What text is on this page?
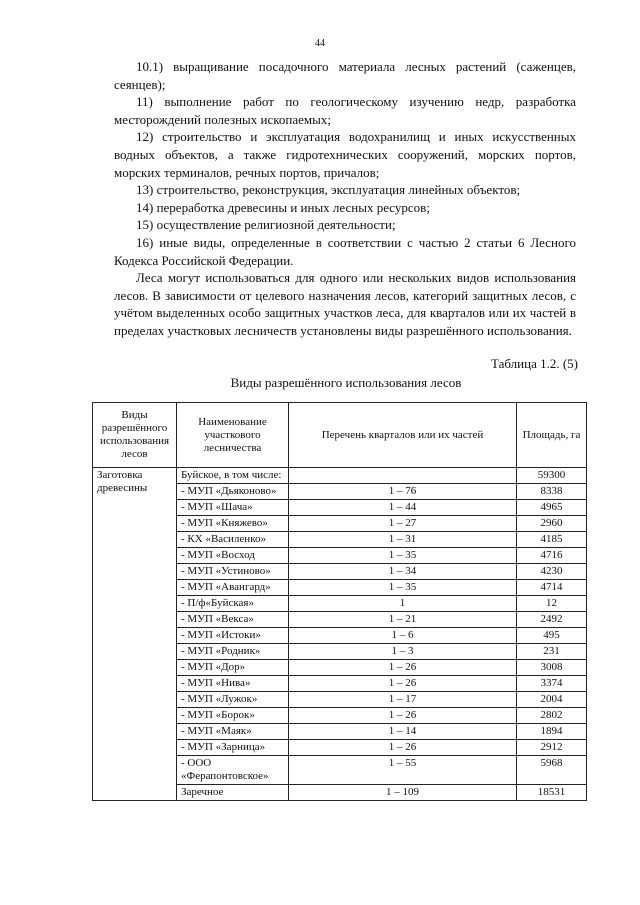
44

10.1) выращивание посадочного материала лесных растений (саженцев, сеянцев);

11) выполнение работ по геологическому изучению недр, разработка месторождений полезных ископаемых;

12) строительство и эксплуатация водохранилищ и иных искусственных водных объектов, а также гидротехнических сооружений, морских портов, морских терминалов, речных портов, причалов;

13) строительство, реконструкция, эксплуатация линейных объектов;

14) переработка древесины и иных лесных ресурсов;

15) осуществление религиозной деятельности;

16) иные виды, определенные в соответствии с частью 2 статьи 6 Лесного Кодекса Российской Федерации.

Леса могут использоваться для одного или нескольких видов использования лесов. В зависимости от целевого назначения лесов, категорий защитных лесов, с учётом выделенных особо защитных участков леса, для кварталов или их частей в пределах участковых лесничеств установлены виды разрешённого использования.

Таблица 1.2. (5)
Виды разрешённого использования лесов
Виды разрешённого использования лесов	Наименование участкового лесничества	Перечень кварталов или их частей	Площадь, га
Заготовка древесины	Буйское, в том числе:		59300
	- МУП «Дьяконово»	1 – 76	8338
	- МУП «Шача»	1 – 44	4965
	- МУП «Княжево»	1 – 27	2960
	- КХ «Василенко»	1 – 31	4185
	- МУП «Восход	1 – 35	4716
	- МУП «Устиново»	1 – 34	4230
	- МУП «Авангард»	1 – 35	4714
	- П/ф«Буйская»	1	12
	- МУП «Векса»	1 – 21	2492
	- МУП «Истоки»	1 – 6	495
	- МУП «Родник»	1 – 3	231
	- МУП «Дор»	1 – 26	3008
	- МУП «Нива»	1 – 26	3374
	- МУП «Лужок»	1 – 17	2004
	- МУП «Борок»	1 – 26	2802
	- МУП «Маяк»	1 – 14	1894
	- МУП «Зарница»	1 – 26	2912
	- ООО «Ферапонтовское»	1 – 55	5968
	Заречное	1 – 109	18531
